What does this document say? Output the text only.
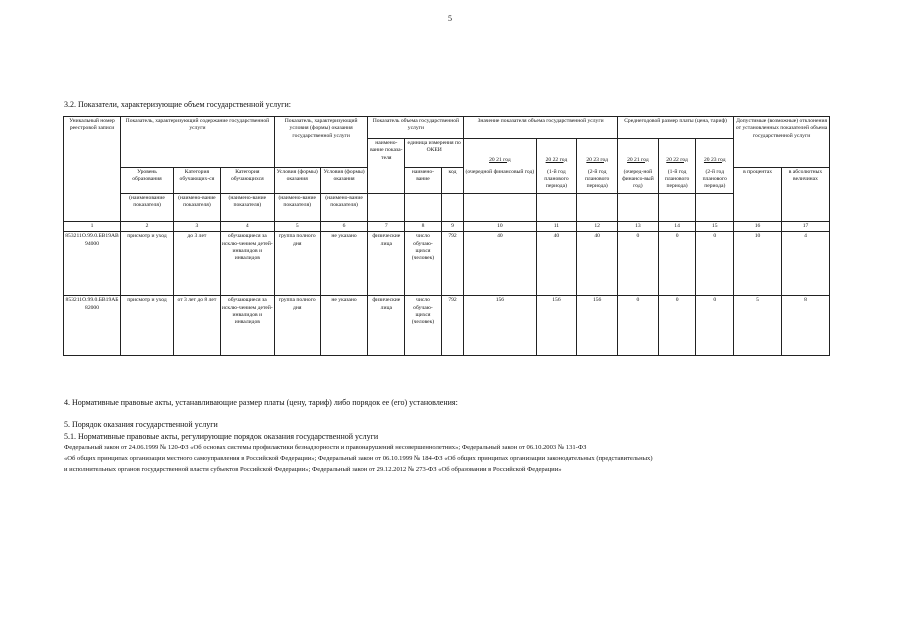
5
3.2. Показатели, характеризующие объем государственной услуги:
Уникальный номер реестровой записи	Показатель, характеризующий содержание государственной услуги			Показатель, характеризующий условия (формы) оказания государственной услуги		Показатель объема государственной услуги			Значение показателя объема государственной услуги			Среднегодовой размер платы (цена, тариф)			Допустимые (возможные) отклонения от установленных показателей объема государственной услуги	
						наимено-вание показа-теля	единица измерения по ОКЕИ									
									20 21 год	20 22 год	20 23 год	20 21 год	20 22 год	20 23 год		
	Уровень образования	Категория обучающих-ся	Категория обучающихся	Условия (формы) оказания	Условия (формы) оказания		наимено-вание	код	(очередной финансовый год)	(1-й год планового периода)	(2-й год планового периода)	(очеред-ной финансо-вый год)	(1-й год планового периода)	(2-й год планового периода)	в процентах	в абсолютных величинах
	(наименование показателя)	(наимено-вание показателя)	(наимено-вание показателя)	(наимено-вание показателя)	(наимено-вание показателя)											
1	2	3	4	5	6	7	8	9	10	11	12	13	14	15	16	17
853211О.99.0.БВ19АВ94000	присмотр и уход	до 3 лет	обучающиеся за исклю-чением детей-инвалидов и инвалидов	группа полного дня	не указано	физические лица	число обучаю-щихся (человек)	792	40	40	40	0	0	0	10	4
853211О.99.0.БВ19АБ82000	присмотр и уход	от 3 лет до 8 лет	обучающиеся за исклю-чением детей-инвалидов и инвалидов	группа полного дня	не указано	физические лица	число обучаю-щихся (человек)	792	156	156	156	0	0	0	5	8
4. Нормативные правовые акты, устанавливающие размер платы (цену, тариф) либо порядок ее (его) установления:
5. Порядок оказания государственной услуги
5.1. Нормативные правовые акты, регулирующие порядок оказания государственной услуги
Федеральный закон от 24.06.1999 № 120-ФЗ «Об основах системы профилактики безнадзорности и правонарушений несовершеннолетних»; Федеральный закон от 06.10.2003 № 131-ФЗ
«Об общих принципах организации местного самоуправления в Российской Федерации»; Федеральный закон от 06.10.1999 № 184-ФЗ «Об общих принципах организации законодательных (представительных)
и исполнительных органов государственной власти субъектов Российской Федерации»; Федеральный закон от 29.12.2012 № 273-ФЗ «Об образовании в Российской Федерации»
